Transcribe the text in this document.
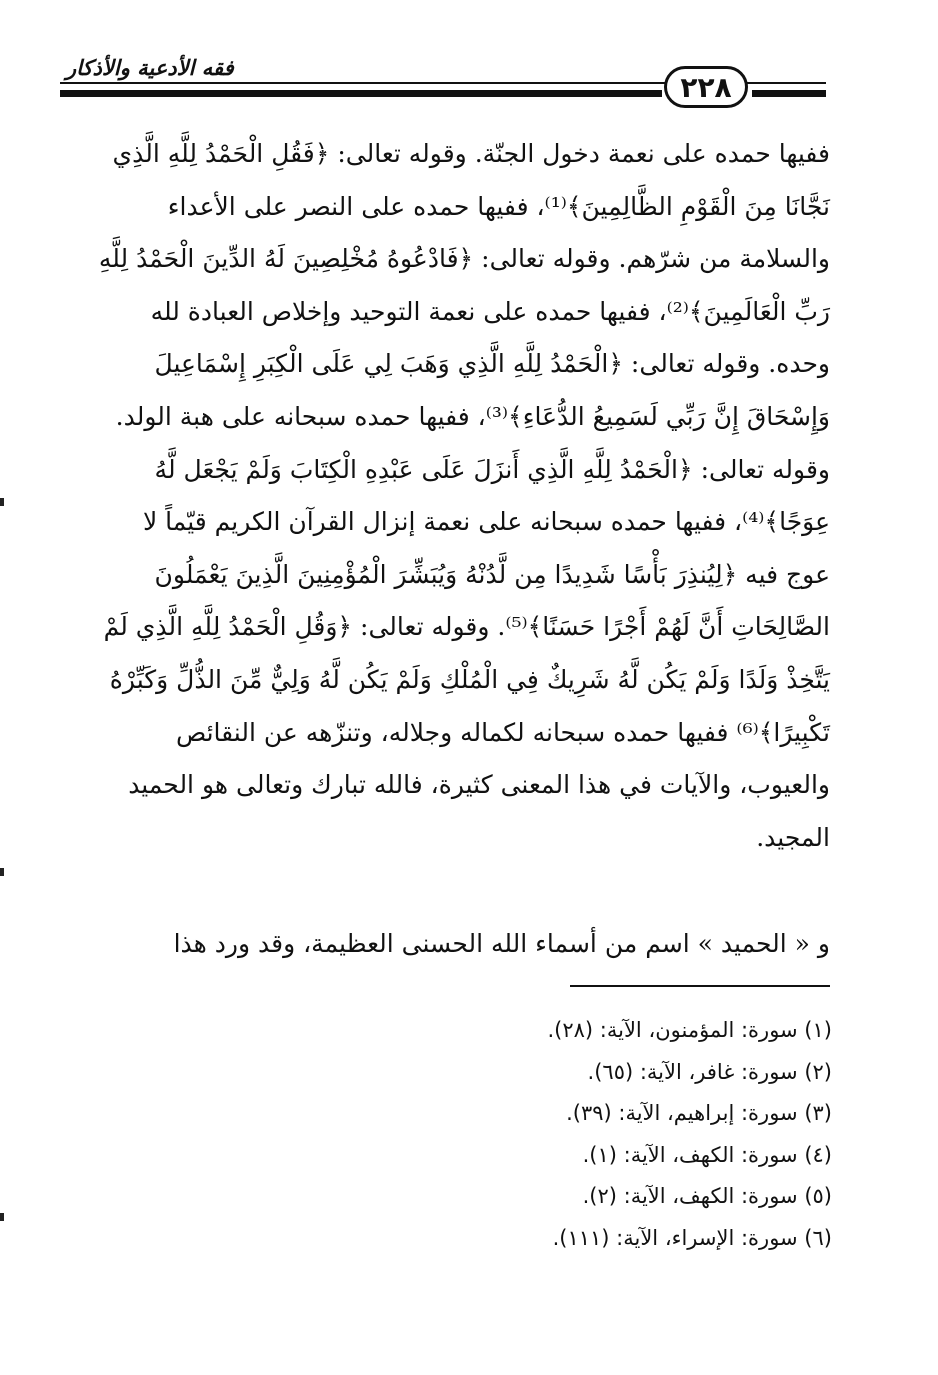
فقه الأدعية والأذكار
٢٢٨
ففيها حمده على نعمة دخول الجنّة. وقوله تعالى: ﴿فَقُلِ الْحَمْدُ لِلَّهِ الَّذِي
نَجَّانَا مِنَ الْقَوْمِ الظَّالِمِينَ﴾⁽¹⁾، ففيها حمده على النصر على الأعداء
والسلامة من شرّهم. وقوله تعالى: ﴿فَادْعُوهُ مُخْلِصِينَ لَهُ الدِّينَ الْحَمْدُ لِلَّهِ
رَبِّ الْعَالَمِينَ﴾⁽²⁾، ففيها حمده على نعمة التوحيد وإخلاص العبادة لله
وحده. وقوله تعالى: ﴿الْحَمْدُ لِلَّهِ الَّذِي وَهَبَ لِي عَلَى الْكِبَرِ إِسْمَاعِيلَ
وَإِسْحَاقَ إِنَّ رَبِّي لَسَمِيعُ الدُّعَاءِ﴾⁽³⁾، ففيها حمده سبحانه على هبة الولد.
وقوله تعالى: ﴿الْحَمْدُ لِلَّهِ الَّذِي أَنزَلَ عَلَى عَبْدِهِ الْكِتَابَ وَلَمْ يَجْعَل لَّهُ
عِوَجًا﴾⁽⁴⁾، ففيها حمده سبحانه على نعمة إنزال القرآن الكريم قيّماً لا
عوج فيه ﴿لِيُنذِرَ بَأْسًا شَدِيدًا مِن لَّدُنْهُ وَيُبَشِّرَ الْمُؤْمِنِينَ الَّذِينَ يَعْمَلُونَ
الصَّالِحَاتِ أَنَّ لَهُمْ أَجْرًا حَسَنًا﴾⁽⁵⁾. وقوله تعالى: ﴿وَقُلِ الْحَمْدُ لِلَّهِ الَّذِي لَمْ
يَتَّخِذْ وَلَدًا وَلَمْ يَكُن لَّهُ شَرِيكٌ فِي الْمُلْكِ وَلَمْ يَكُن لَّهُ وَلِيٌّ مِّنَ الذُّلِّ وَكَبِّرْهُ
تَكْبِيرًا﴾⁽⁶⁾ ففيها حمده سبحانه لكماله وجلاله، وتنزّهه عن النقائص
والعيوب، والآيات في هذا المعنى كثيرة، فالله تبارك وتعالى هو الحميد
المجيد.
و « الحميد » اسم من أسماء الله الحسنى العظيمة، وقد ورد هذا
(١) سورة: المؤمنون، الآية: (٢٨).
(٢) سورة: غافر، الآية: (٦٥).
(٣) سورة: إبراهيم، الآية: (٣٩).
(٤) سورة: الكهف، الآية: (١).
(٥) سورة: الكهف، الآية: (٢).
(٦) سورة: الإسراء، الآية: (١١١).
